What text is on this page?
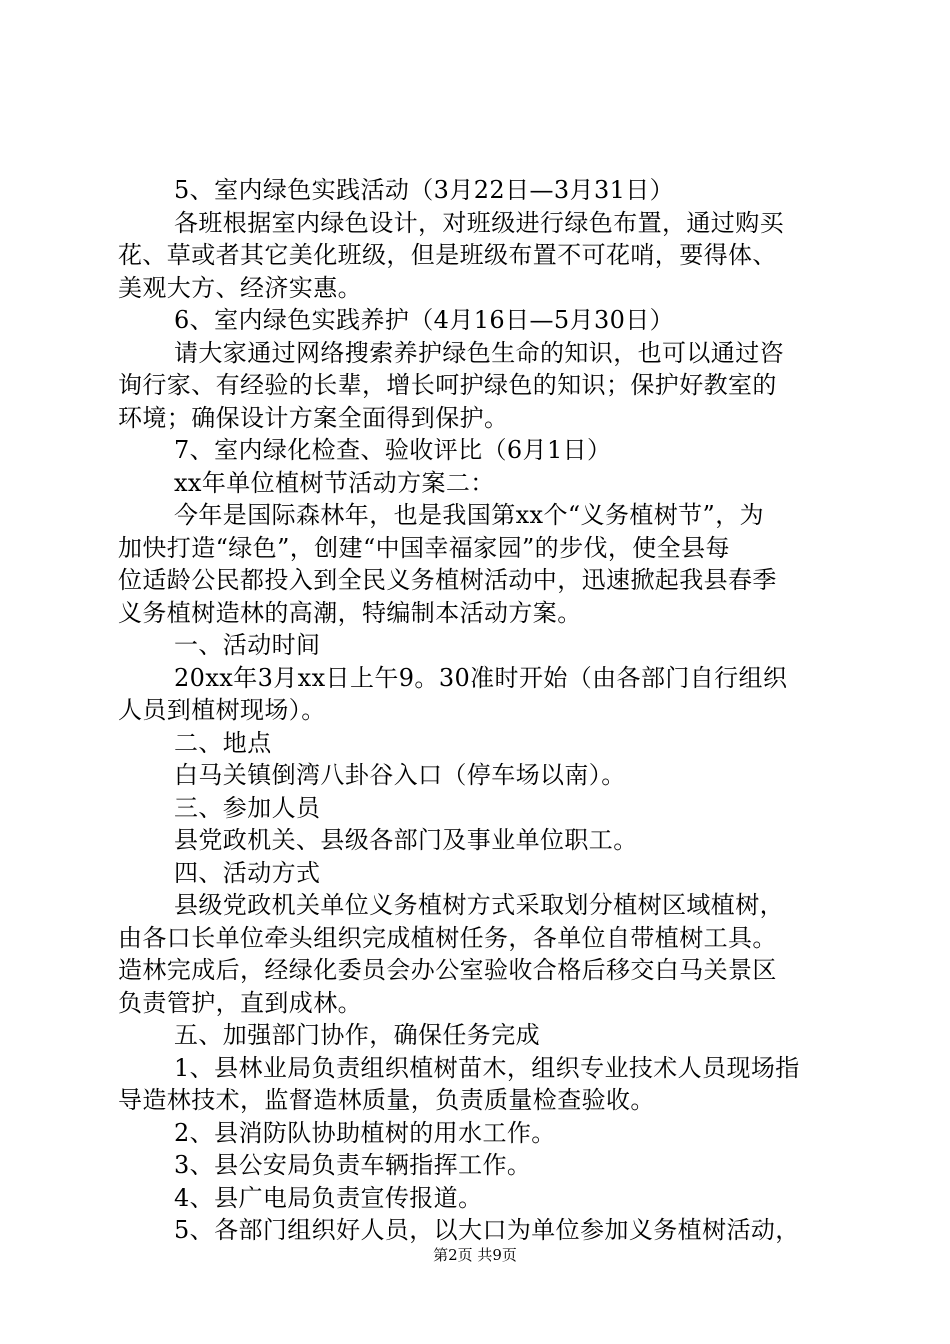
5、室内绿色实践活动（3月22日—3月31日）

各班根据室内绿色设计，对班级进行绿色布置，通过购买

花、草或者其它美化班级，但是班级布置不可花哨，要得体、

美观大方、经济实惠。

6、室内绿色实践养护（4月16日—5月30日）

请大家通过网络搜索养护绿色生命的知识，也可以通过咨

询行家、有经验的长辈，增长呵护绿色的知识；保护好教室的

环境；确保设计方案全面得到保护。

7、室内绿化检查、验收评比（6月1日）

xx年单位植树节活动方案二：

今年是国际森林年，也是我国第xx个“义务植树节”，为

加快打造“绿色”，创建“中国幸福家园”的步伐，使全县每

位适龄公民都投入到全民义务植树活动中，迅速掀起我县春季

义务植树造林的高潮，特编制本活动方案。

一、活动时间

20xx年3月xx日上午9。30准时开始（由各部门自行组织

人员到植树现场）。

二、地点

白马关镇倒湾八卦谷入口（停车场以南）。

三、参加人员

县党政机关、县级各部门及事业单位职工。

四、活动方式

县级党政机关单位义务植树方式采取划分植树区域植树，

由各口长单位牵头组织完成植树任务，各单位自带植树工具。

造林完成后，经绿化委员会办公室验收合格后移交白马关景区

负责管护，直到成林。

五、加强部门协作，确保任务完成

1、县林业局负责组织植树苗木，组织专业技术人员现场指

导造林技术，监督造林质量，负责质量检查验收。

2、县消防队协助植树的用水工作。

3、县公安局负责车辆指挥工作。

4、县广电局负责宣传报道。

5、各部门组织好人员，以大口为单位参加义务植树活动，

第2页 共9页
